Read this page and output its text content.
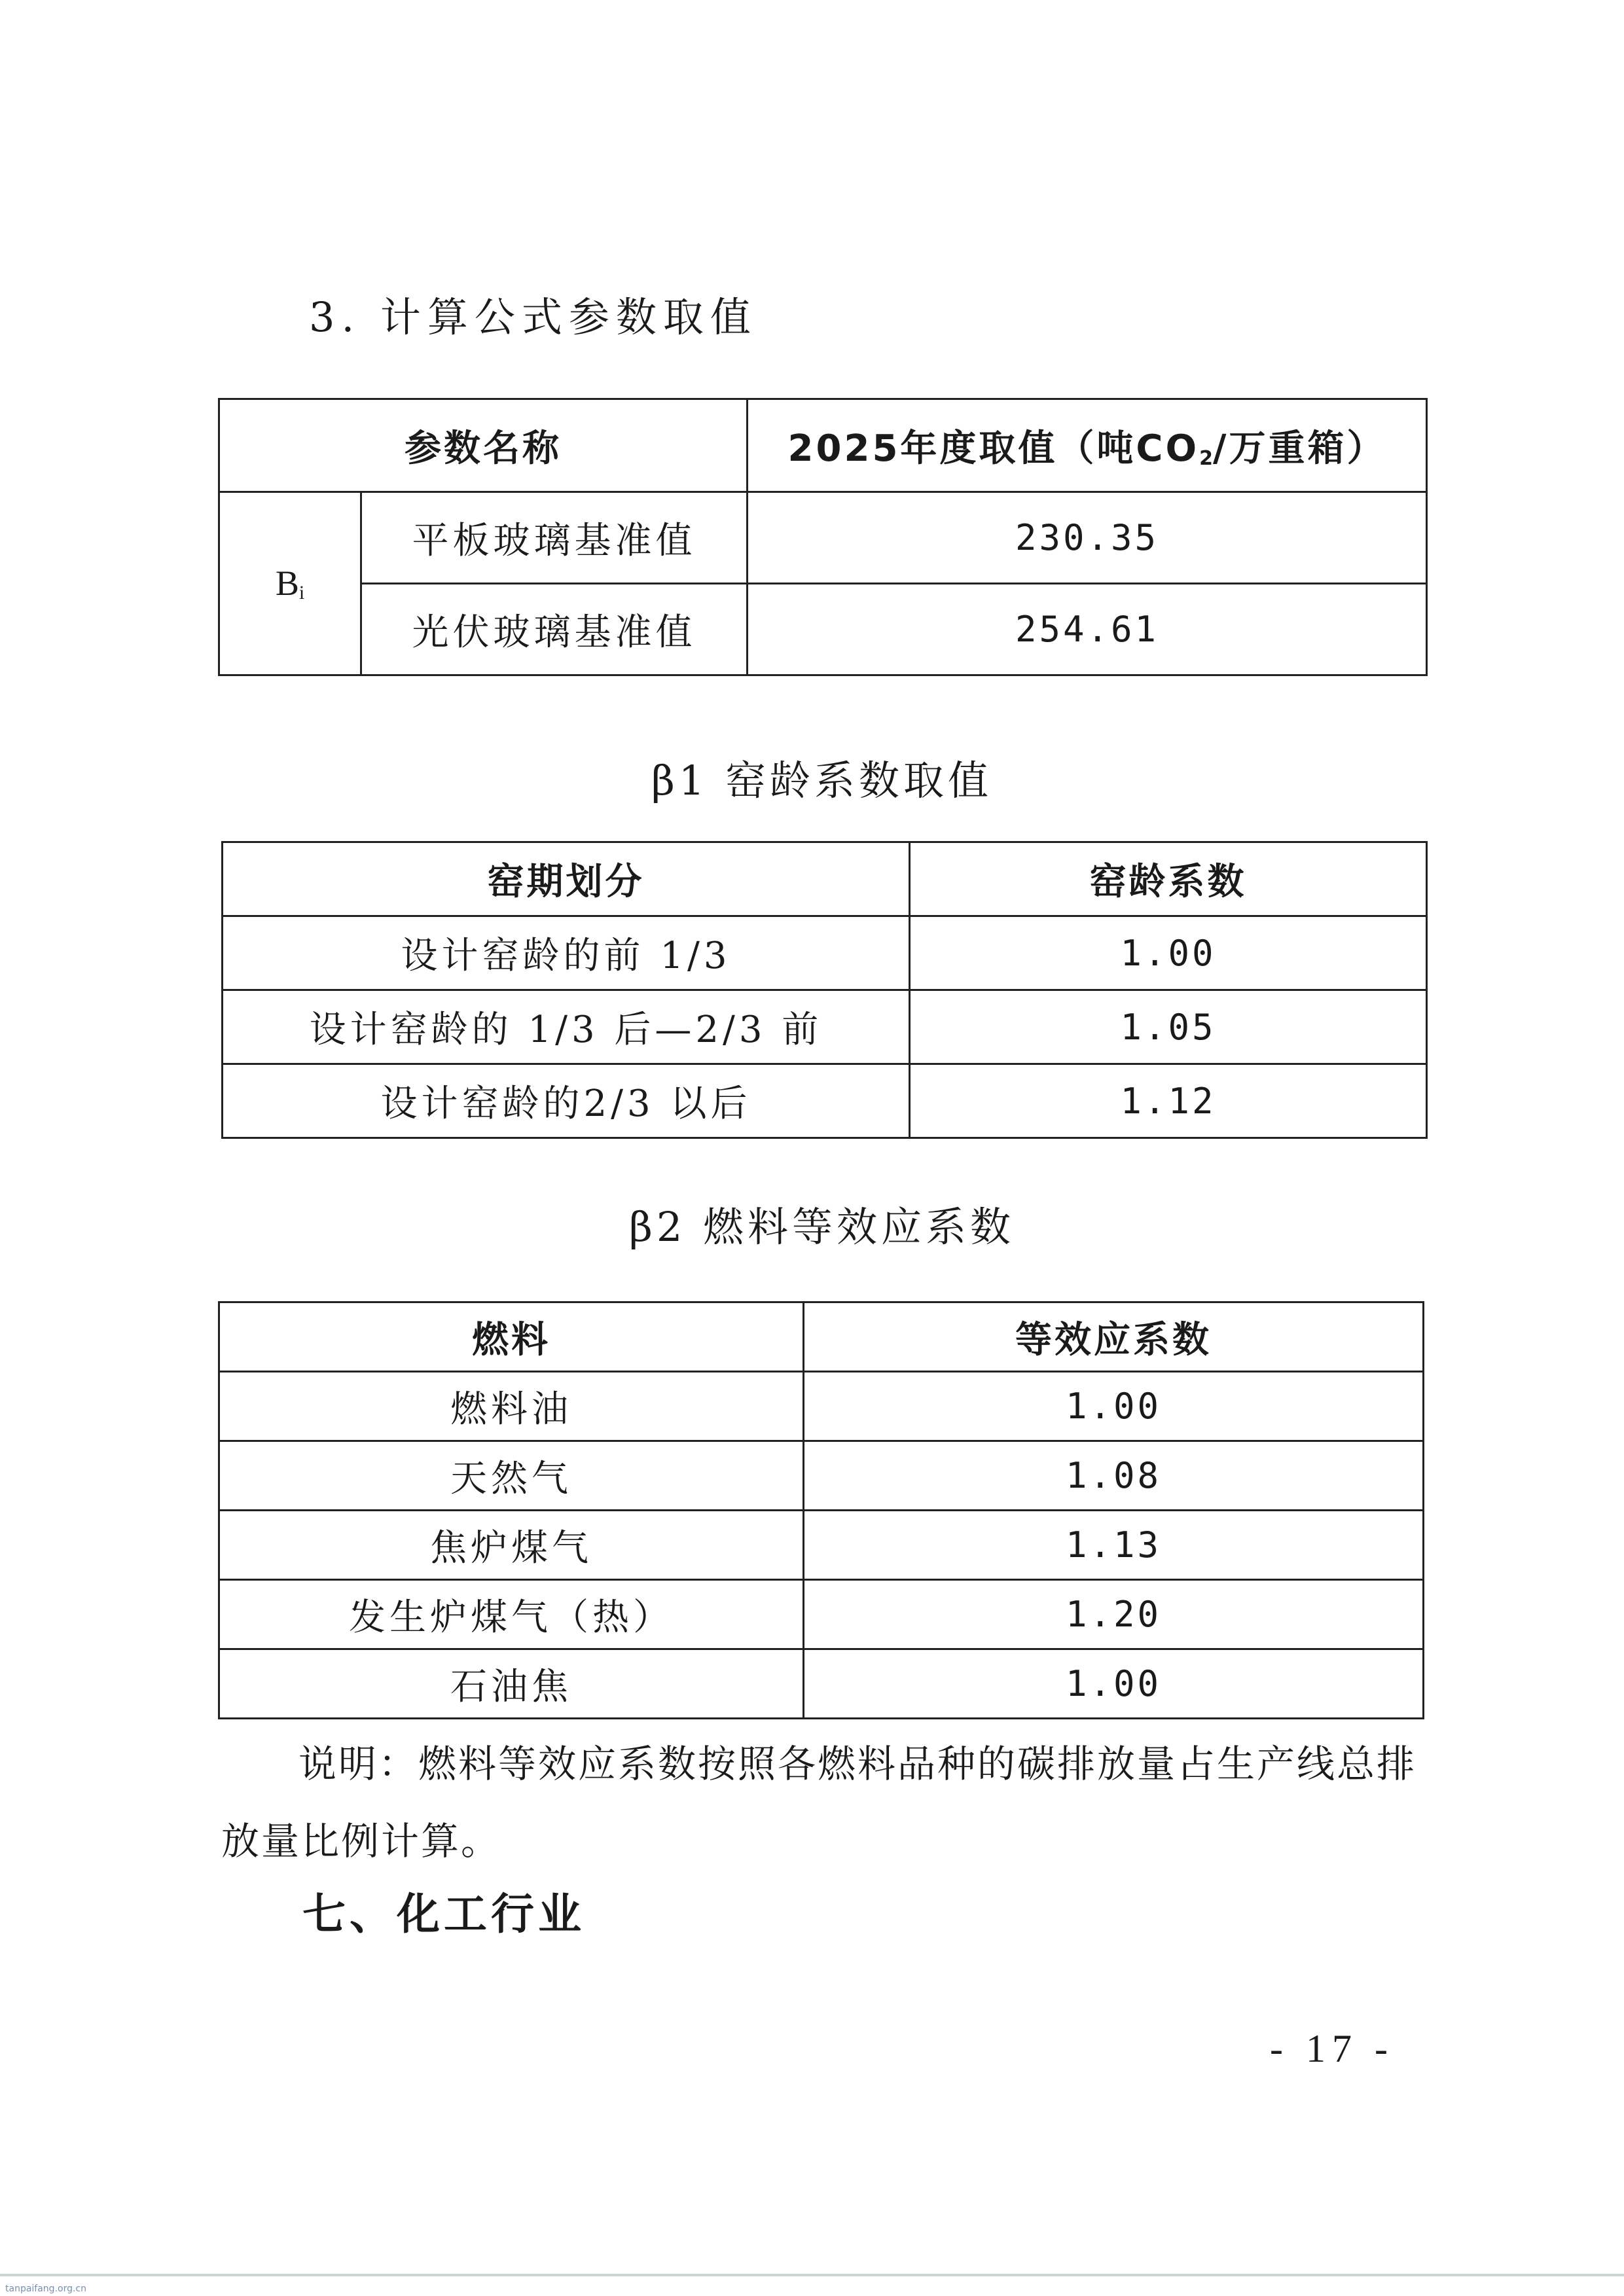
3. 计算公式参数取值
参数名称		2025年度取值（吨$CO_2/$万重箱）
$B_i$	平板玻璃基准值	230.35
	光伏玻璃基准值	254.61
β1 窑龄系数取值
窑期划分	窑龄系数
设计窑龄的前 1/3	1.00
设计窑龄的 1/3 后—2/3 前	1.05
设计窑龄的2/3 以后	1.12
β2 燃料等效应系数
燃料	等效应系数
燃料油	1.00
天然气	1.08
焦炉煤气	1.13
发生炉煤气（热）	1.20
石油焦	1.00
说明：燃料等效应系数按照各燃料品种的碳排放量占生产线总排放量比例计算。
七、化工行业
- 17 -
tanpaifang.org.cn
